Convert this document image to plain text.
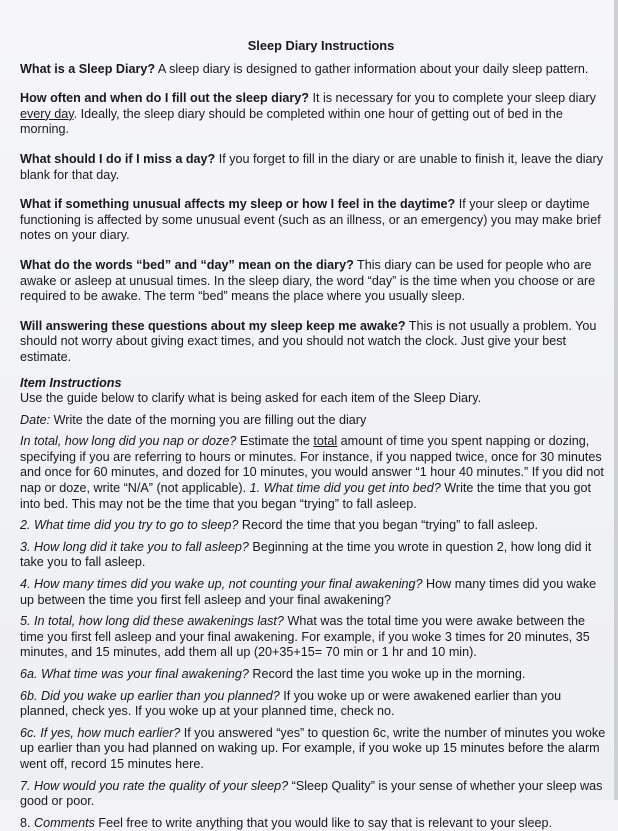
Sleep Diary Instructions
What is a Sleep Diary? A sleep diary is designed to gather information about your daily sleep pattern.
How often and when do I fill out the sleep diary? It is necessary for you to complete your sleep diary every day. Ideally, the sleep diary should be completed within one hour of getting out of bed in the morning.
What should I do if I miss a day? If you forget to fill in the diary or are unable to finish it, leave the diary blank for that day.
What if something unusual affects my sleep or how I feel in the daytime? If your sleep or daytime functioning is affected by some unusual event (such as an illness, or an emergency) you may make brief notes on your diary.
What do the words “bed” and “day” mean on the diary? This diary can be used for people who are awake or asleep at unusual times. In the sleep diary, the word “day” is the time when you choose or are required to be awake. The term “bed” means the place where you usually sleep.
Will answering these questions about my sleep keep me awake? This is not usually a problem. You should not worry about giving exact times, and you should not watch the clock. Just give your best estimate.
Item Instructions
Use the guide below to clarify what is being asked for each item of the Sleep Diary.
Date: Write the date of the morning you are filling out the diary
In total, how long did you nap or doze? Estimate the total amount of time you spent napping or dozing, specifying if you are referring to hours or minutes. For instance, if you napped twice, once for 30 minutes and once for 60 minutes, and dozed for 10 minutes, you would answer “1 hour 40 minutes.” If you did not nap or doze, write “N/A” (not applicable). 1. What time did you get into bed? Write the time that you got into bed. This may not be the time that you began “trying” to fall asleep.
2. What time did you try to go to sleep? Record the time that you began “trying” to fall asleep.
3. How long did it take you to fall asleep? Beginning at the time you wrote in question 2, how long did it take you to fall asleep.
4. How many times did you wake up, not counting your final awakening? How many times did you wake up between the time you first fell asleep and your final awakening?
5. In total, how long did these awakenings last? What was the total time you were awake between the time you first fell asleep and your final awakening. For example, if you woke 3 times for 20 minutes, 35 minutes, and 15 minutes, add them all up (20+35+15= 70 min or 1 hr and 10 min).
6a. What time was your final awakening? Record the last time you woke up in the morning.
6b. Did you wake up earlier than you planned? If you woke up or were awakened earlier than you planned, check yes. If you woke up at your planned time, check no.
6c. If yes, how much earlier? If you answered “yes” to question 6c, write the number of minutes you woke up earlier than you had planned on waking up. For example, if you woke up 15 minutes before the alarm went off, record 15 minutes here.
7. How would you rate the quality of your sleep? “Sleep Quality” is your sense of whether your sleep was good or poor.
8. Comments Feel free to write anything that you would like to say that is relevant to your sleep.
